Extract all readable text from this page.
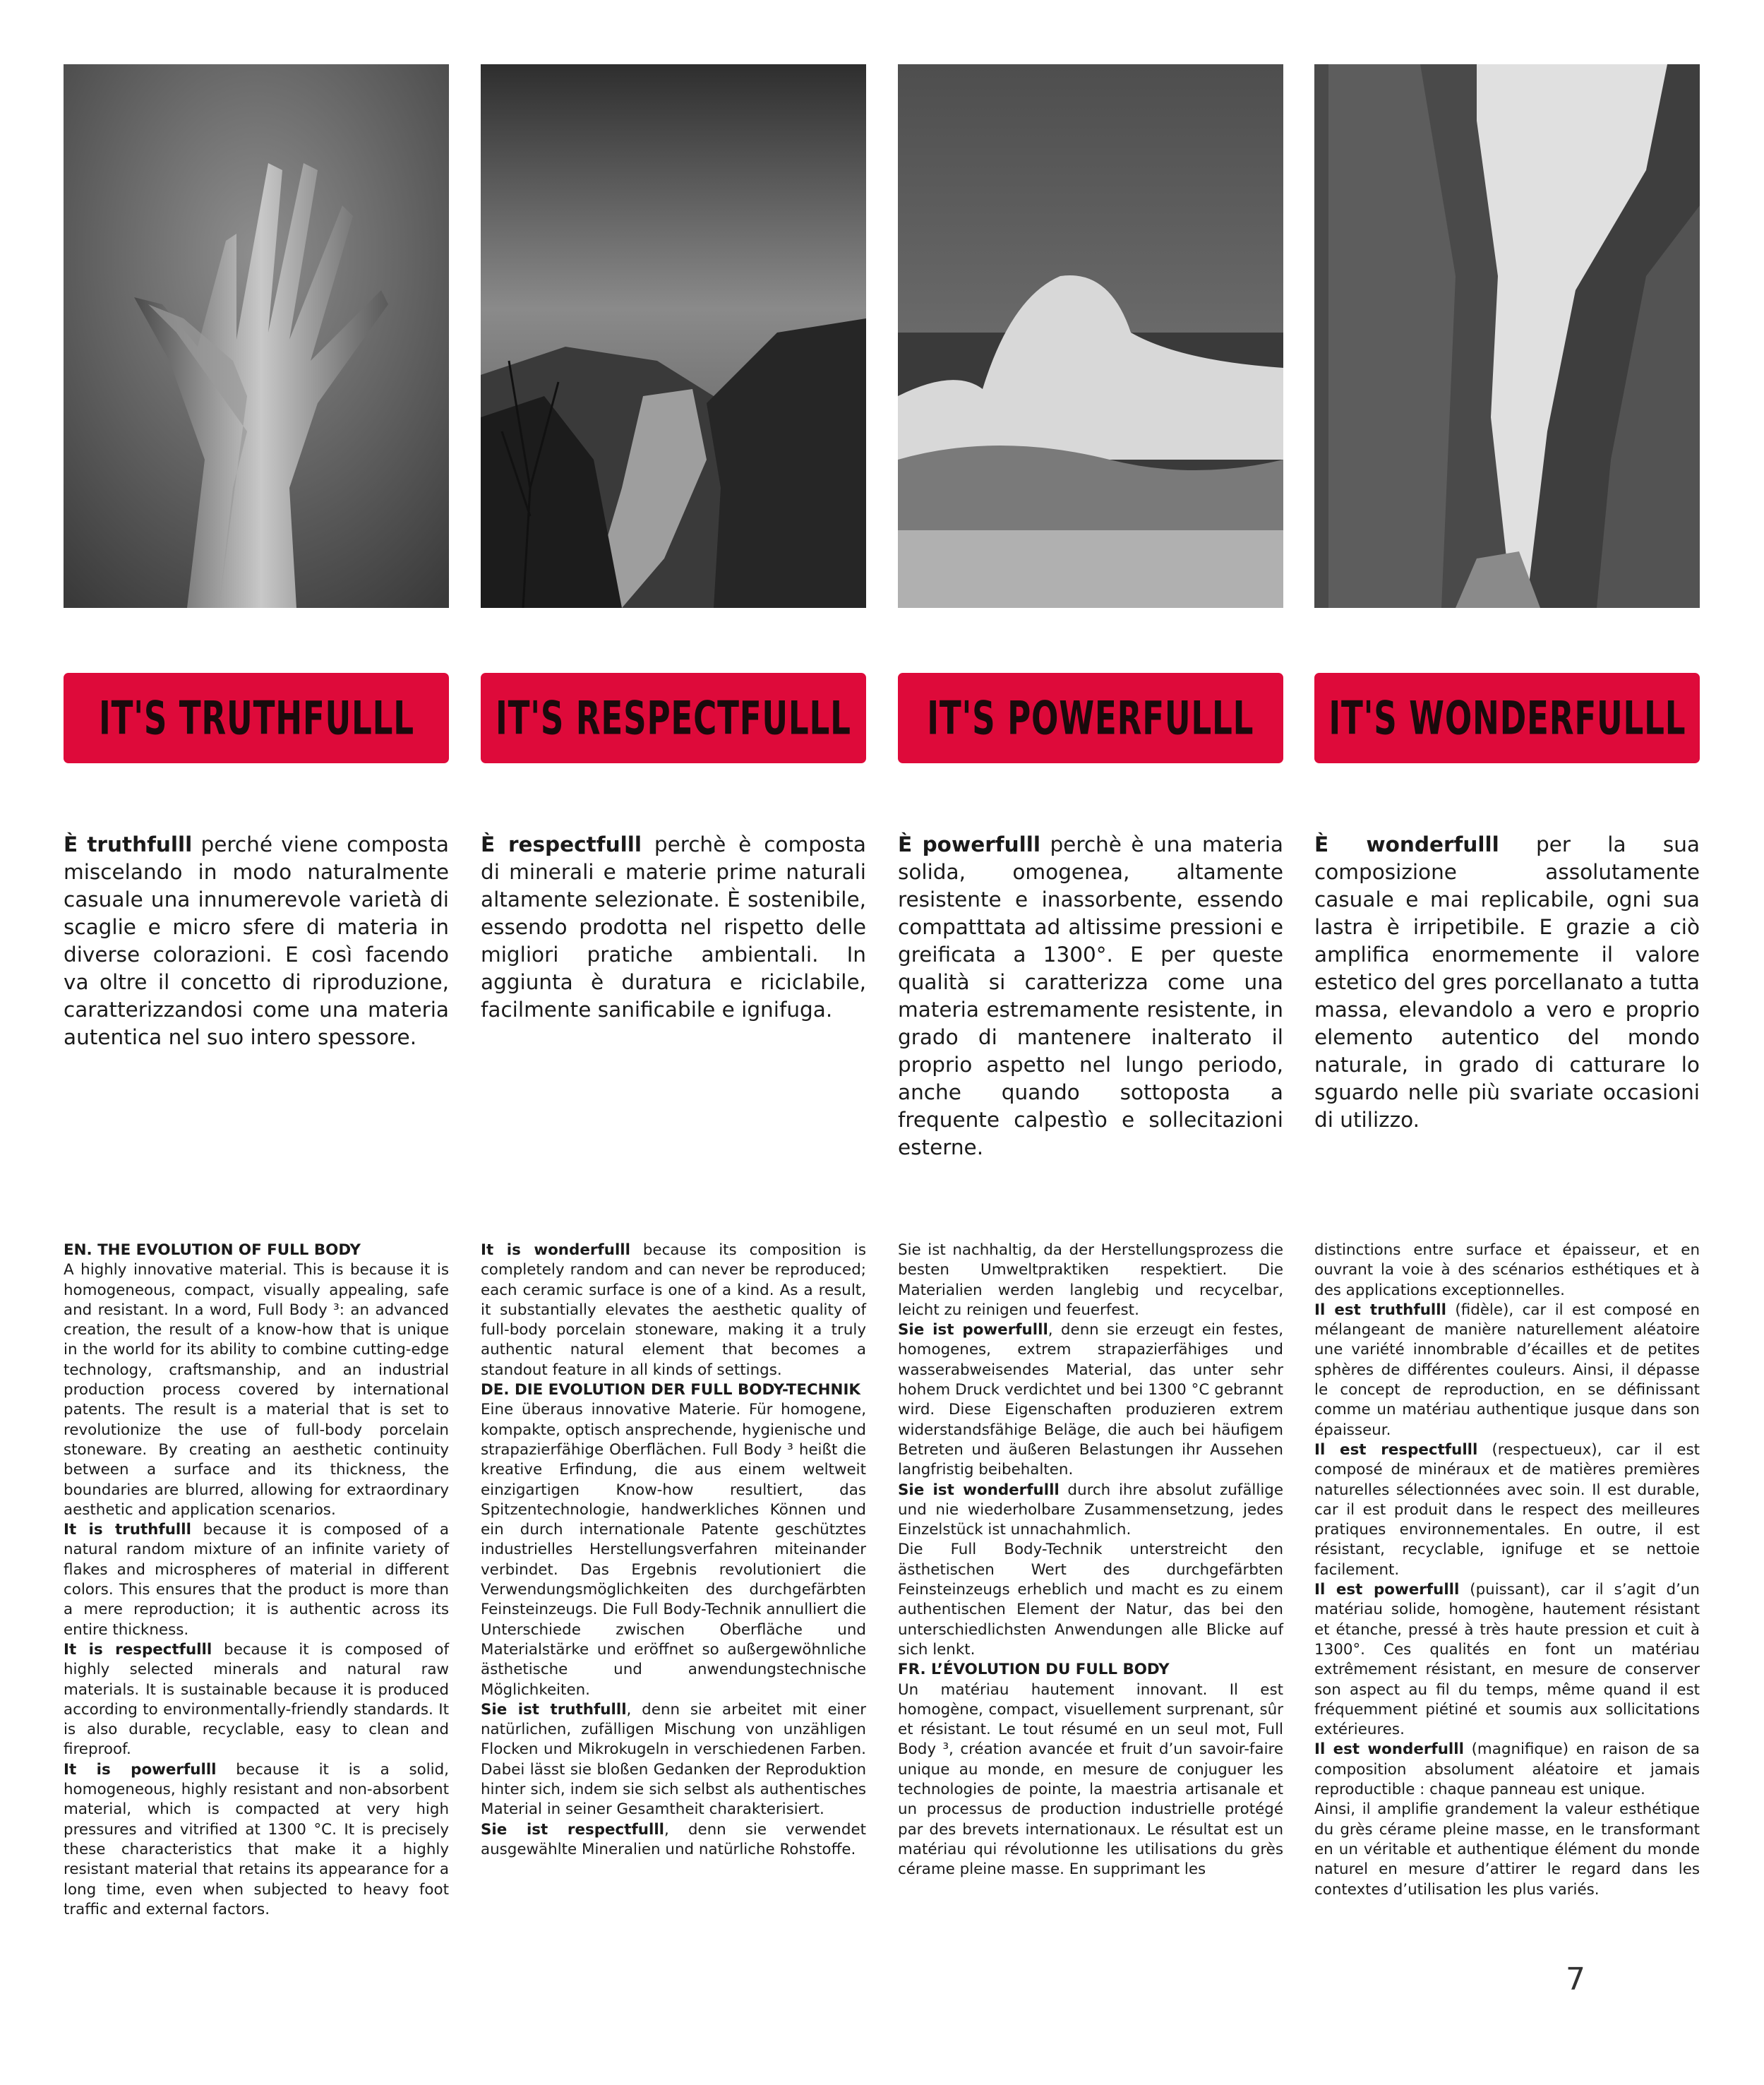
IT'S TRUTHFULLL IT'S RESPECTFULLL IT'S POWERFULLL IT'S WONDERFULLL
È truthfulll perché viene composta miscelando in modo naturalmente casuale una innumerevole varietà di scaglie e micro sfere di materia in diverse colorazioni. E così facendo va oltre il concetto di riproduzione, caratterizzandosi come una materia autentica nel suo intero spessore.
È respectfulll perchè è composta di minerali e materie prime naturali altamente selezionate. È sostenibile, essendo prodotta nel rispetto delle migliori pratiche ambientali. In aggiunta è duratura e riciclabile, facilmente sanificabile e ignifuga.
È powerfulll perchè è una materia solida, omogenea, altamente resistente e inassorbente, essendo compatttata ad altissime pressioni e greificata a 1300°. E per queste qualità si caratterizza come una materia estremamente resistente, in grado di mantenere inalterato il proprio aspetto nel lungo periodo, anche quando sottoposta a frequente calpestìo e sollecitazioni esterne.
È wonderfulll per la sua composizione assolutamente casuale e mai replicabile, ogni sua lastra è irripetibile. E grazie a ciò amplifica enormemente il valore estetico del gres porcellanato a tutta massa, elevandolo a vero e proprio elemento autentico del mondo naturale, in grado di catturare lo sguardo nelle più svariate occasioni di utilizzo.

EN. THE EVOLUTION OF FULL BODY

A highly innovative material. This is because it is homogeneous, compact, visually appealing, safe and resistant. In a word, Full Body ³: an advanced creation, the result of a know-how that is unique in the world for its ability to combine cutting-edge technology, craftsmanship, and an industrial production process covered by international patents. The result is a material that is set to revolutionize the use of full-body porcelain stoneware. By creating an aesthetic continuity between a surface and its thickness, the boundaries are blurred, allowing for extraordinary aesthetic and application scenarios.

It is truthfulll because it is composed of a natural random mixture of an infinite variety of flakes and microspheres of material in different colors. This ensures that the product is more than a mere reproduction; it is authentic across its entire thickness.

It is respectfulll because it is composed of highly selected minerals and natural raw materials. It is sustainable because it is produced according to environmentally-friendly standards. It is also durable, recyclable, easy to clean and fireproof.

It is powerfulll because it is a solid, homogeneous, highly resistant and non-absorbent material, which is compacted at very high pressures and vitrified at 1300 °C. It is precisely these characteristics that make it a highly resistant material that retains its appearance for a long time, even when subjected to heavy foot traffic and external factors.

It is wonderfulll because its composition is completely random and can never be reproduced; each ceramic surface is one of a kind. As a result, it substantially elevates the aesthetic quality of full-body porcelain stoneware, making it a truly authentic natural element that becomes a standout feature in all kinds of settings.

DE. DIE EVOLUTION DER FULL BODY-TECHNIK

Eine überaus innovative Materie. Für homogene, kompakte, optisch ansprechende, hygienische und strapazierfähige Oberflächen. Full Body ³ heißt die kreative Erfindung, die aus einem weltweit einzigartigen Know-how resultiert, das Spitzentechnologie, handwerkliches Können und ein durch internationale Patente geschütztes industrielles Herstellungsverfahren miteinander verbindet. Das Ergebnis revolutioniert die Verwendungsmöglichkeiten des durchgefärbten Feinsteinzeugs. Die Full Body-Technik annulliert die Unterschiede zwischen Oberfläche und Materialstärke und eröffnet so außergewöhnliche ästhetische und anwendungstechnische Möglichkeiten.

Sie ist truthfulll, denn sie arbeitet mit einer natürlichen, zufälligen Mischung von unzähligen Flocken und Mikrokugeln in verschiedenen Farben. Dabei lässt sie bloßen Gedanken der Reproduktion hinter sich, indem sie sich selbst als authentisches Material in seiner Gesamtheit charakterisiert.

Sie ist respectfulll, denn sie verwendet ausgewählte Mineralien und natürliche Rohstoffe.

Sie ist nachhaltig, da der Herstellungsprozess die besten Umweltpraktiken respektiert. Die Materialien werden langlebig und recycelbar, leicht zu reinigen und feuerfest.

Sie ist powerfulll, denn sie erzeugt ein festes, homogenes, extrem strapazierfähiges und wasserabweisendes Material, das unter sehr hohem Druck verdichtet und bei 1300 °C gebrannt wird. Diese Eigenschaften produzieren extrem widerstandsfähige Beläge, die auch bei häufigem Betreten und äußeren Belastungen ihr Aussehen langfristig beibehalten.

Sie ist wonderfulll durch ihre absolut zufällige und nie wiederholbare Zusammensetzung, jedes Einzelstück ist unnachahmlich.

Die Full Body-Technik unterstreicht den ästhetischen Wert des durchgefärbten Feinsteinzeugs erheblich und macht es zu einem authentischen Element der Natur, das bei den unterschiedlichsten Anwendungen alle Blicke auf sich lenkt.

FR. L’ÉVOLUTION DU FULL BODY

Un matériau hautement innovant. Il est homogène, compact, visuellement surprenant, sûr et résistant. Le tout résumé en un seul mot, Full Body ³, création avancée et fruit d’un savoir-faire unique au monde, en mesure de conjuguer les technologies de pointe, la maestria artisanale et un processus de production industrielle protégé par des brevets internationaux. Le résultat est un matériau qui révolutionne les utilisations du grès cérame pleine masse. En supprimant les

distinctions entre surface et épaisseur, et en ouvrant la voie à des scénarios esthétiques et à des applications exceptionnelles.

Il est truthfulll (fidèle), car il est composé en mélangeant de manière naturellement aléatoire une variété innombrable d’écailles et de petites sphères de différentes couleurs. Ainsi, il dépasse le concept de reproduction, en se définissant comme un matériau authentique jusque dans son épaisseur.

Il est respectfulll (respectueux), car il est composé de minéraux et de matières premières naturelles sélectionnées avec soin. Il est durable, car il est produit dans le respect des meilleures pratiques environnementales. En outre, il est résistant, recyclable, ignifuge et se nettoie facilement.

Il est powerfulll (puissant), car il s’agit d’un matériau solide, homogène, hautement résistant et étanche, pressé à très haute pression et cuit à 1300°. Ces qualités en font un matériau extrêmement résistant, en mesure de conserver son aspect au fil du temps, même quand il est fréquemment piétiné et soumis aux sollicitations extérieures.

Il est wonderfulll (magnifique) en raison de sa composition absolument aléatoire et jamais reproductible : chaque panneau est unique.

Ainsi, il amplifie grandement la valeur esthétique du grès cérame pleine masse, en le transformant en un véritable et authentique élément du monde naturel en mesure d’attirer le regard dans les contextes d’utilisation les plus variés.

7
